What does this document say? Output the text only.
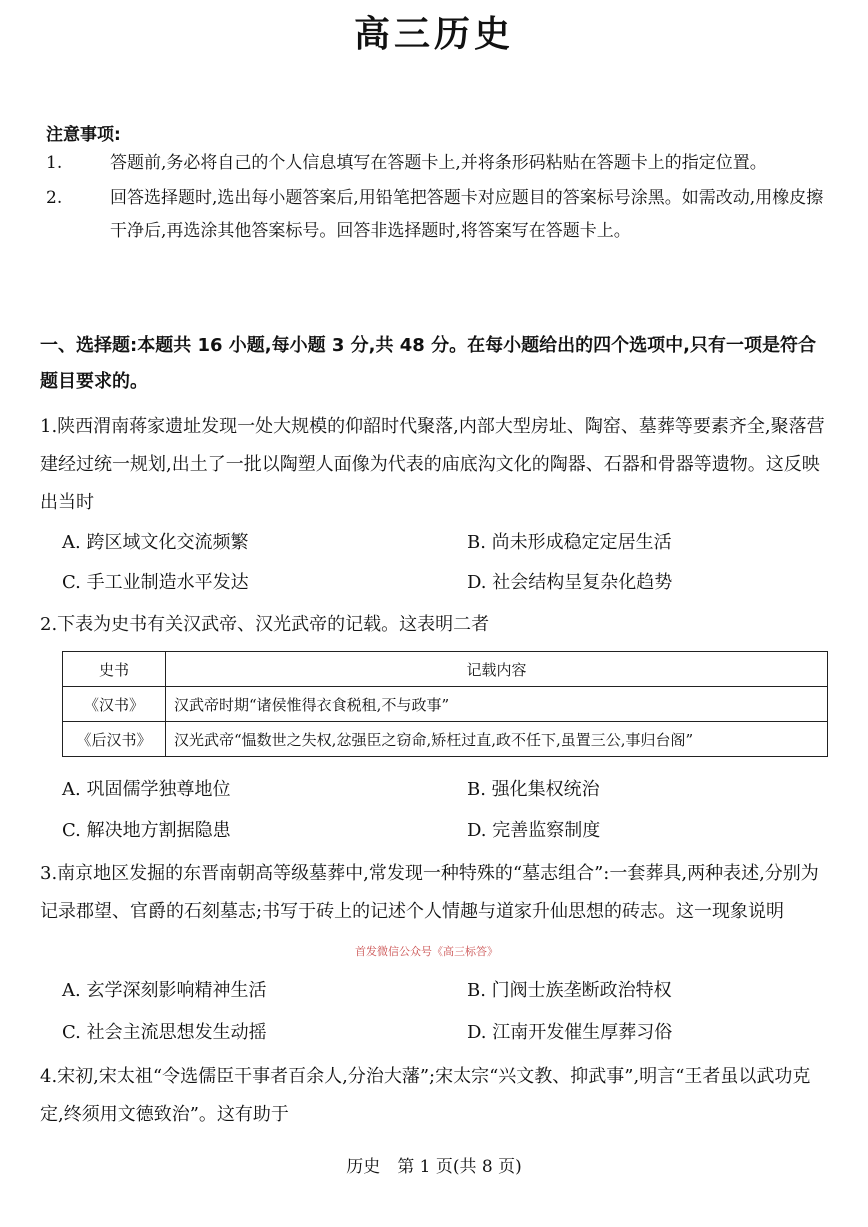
高三历史
注意事项:
1.	答题前,务必将自己的个人信息填写在答题卡上,并将条形码粘贴在答题卡上的指定位置。
2.	回答选择题时,选出每小题答案后,用铅笔把答题卡对应题目的答案标号涂黑。如需改动,用橡皮擦干净后,再选涂其他答案标号。回答非选择题时,将答案写在答题卡上。
一、选择题:本题共 16 小题,每小题 3 分,共 48 分。在每小题给出的四个选项中,只有一项是符合题目要求的。
1.陕西渭南蒋家遗址发现一处大规模的仰韶时代聚落,内部大型房址、陶窑、墓葬等要素齐全,聚落营建经过统一规划,出土了一批以陶塑人面像为代表的庙底沟文化的陶器、石器和骨器等遗物。这反映出当时
A. 跨区域文化交流频繁	B. 尚未形成稳定定居生活
C. 手工业制造水平发达	D. 社会结构呈复杂化趋势
2.下表为史书有关汉武帝、汉光武帝的记载。这表明二者
史书	记载内容
《汉书》	汉武帝时期“诸侯惟得衣食税租,不与政事”
《后汉书》	汉光武帝“愠数世之失权,忿强臣之窃命,矫枉过直,政不任下,虽置三公,事归台阁”
A. 巩固儒学独尊地位	B. 强化集权统治
C. 解决地方割据隐患	D. 完善监察制度
3.南京地区发掘的东晋南朝高等级墓葬中,常发现一种特殊的“墓志组合”:一套葬具,两种表述,分别为记录郡望、官爵的石刻墓志;书写于砖上的记述个人情趣与道家升仙思想的砖志。这一现象说明
首发微信公众号《高三标答》
A. 玄学深刻影响精神生活	B. 门阀士族垄断政治特权
C. 社会主流思想发生动摇	D. 江南开发催生厚葬习俗
4.宋初,宋太祖“令选儒臣干事者百余人,分治大藩”;宋太宗“兴文教、抑武事”,明言“王者虽以武功克定,终须用文德致治”。这有助于
历史　第 1 页(共 8 页)
